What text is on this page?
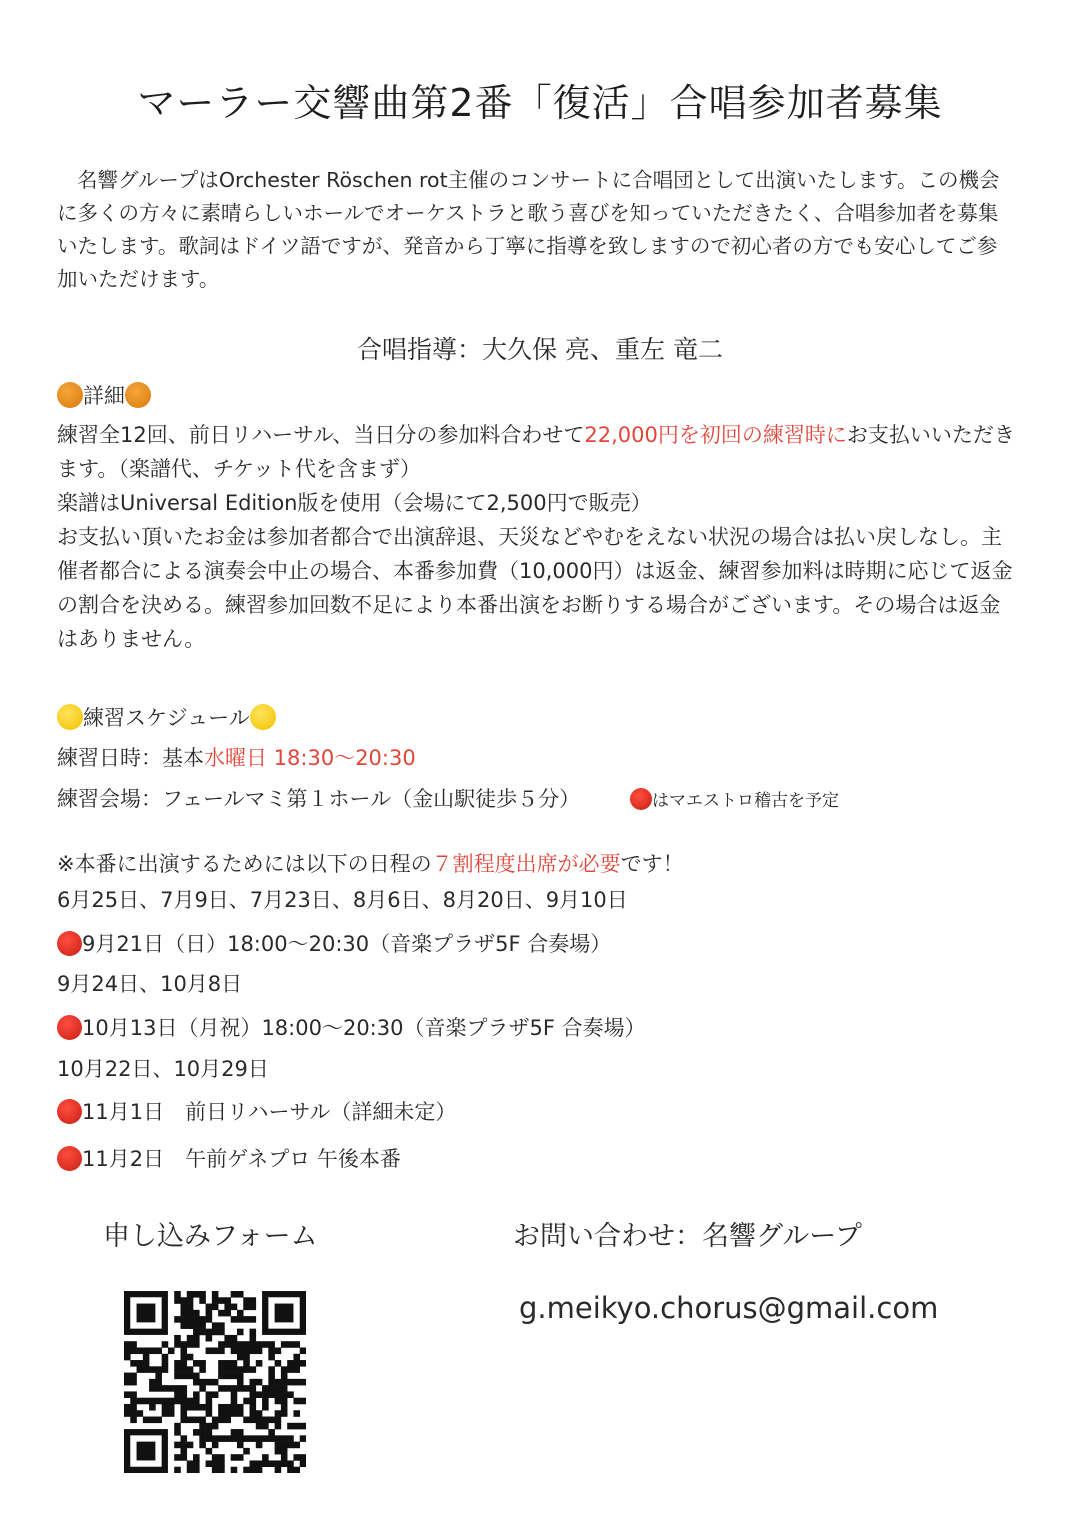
マーラー交響曲第2番「復活」合唱参加者募集
名響グループはOrchester Röschen rot主催のコンサートに合唱団として出演いたします。この機会に多くの方々に素晴らしいホールでオーケストラと歌う喜びを知っていただきたく、合唱参加者を募集いたします。歌詞はドイツ語ですが、発音から丁寧に指導を致しますので初心者の方でも安心してご参加いただけます。
合唱指導：大久保 亮、重左 竜二
詳細
練習全12回、前日リハーサル、当日分の参加料合わせて22,000円を初回の練習時にお支払いいただきます。（楽譜代、チケット代を含まず）
楽譜はUniversal Edition版を使用（会場にて2,500円で販売）
お支払い頂いたお金は参加者都合で出演辞退、天災などやむをえない状況の場合は払い戻しなし。主催者都合による演奏会中止の場合、本番参加費（10,000円）は返金、練習参加料は時期に応じて返金の割合を決める。練習参加回数不足により本番出演をお断りする場合がございます。その場合は返金はありません。
練習スケジュール
練習日時：基本 水曜日 18:30〜20:30
練習会場：フェールマミ第１ホール（金山駅徒歩５分）	はマエストロ稽古を予定
※本番に出演するためには以下の日程の ７割程度出席が必要 です！
6月25日、7月9日、7月23日、8月6日、8月20日、9月10日
9月21日（日）18:00〜20:30（音楽プラザ5F 合奏場）
9月24日、10月8日
10月13日（月祝）18:00〜20:30（音楽プラザ5F 合奏場）
10月22日、10月29日
11月1日　前日リハーサル（詳細未定）
11月2日　午前ゲネプロ 午後本番
申し込みフォーム	お問い合わせ：名響グループ
g.meikyo.chorus@gmail.com
